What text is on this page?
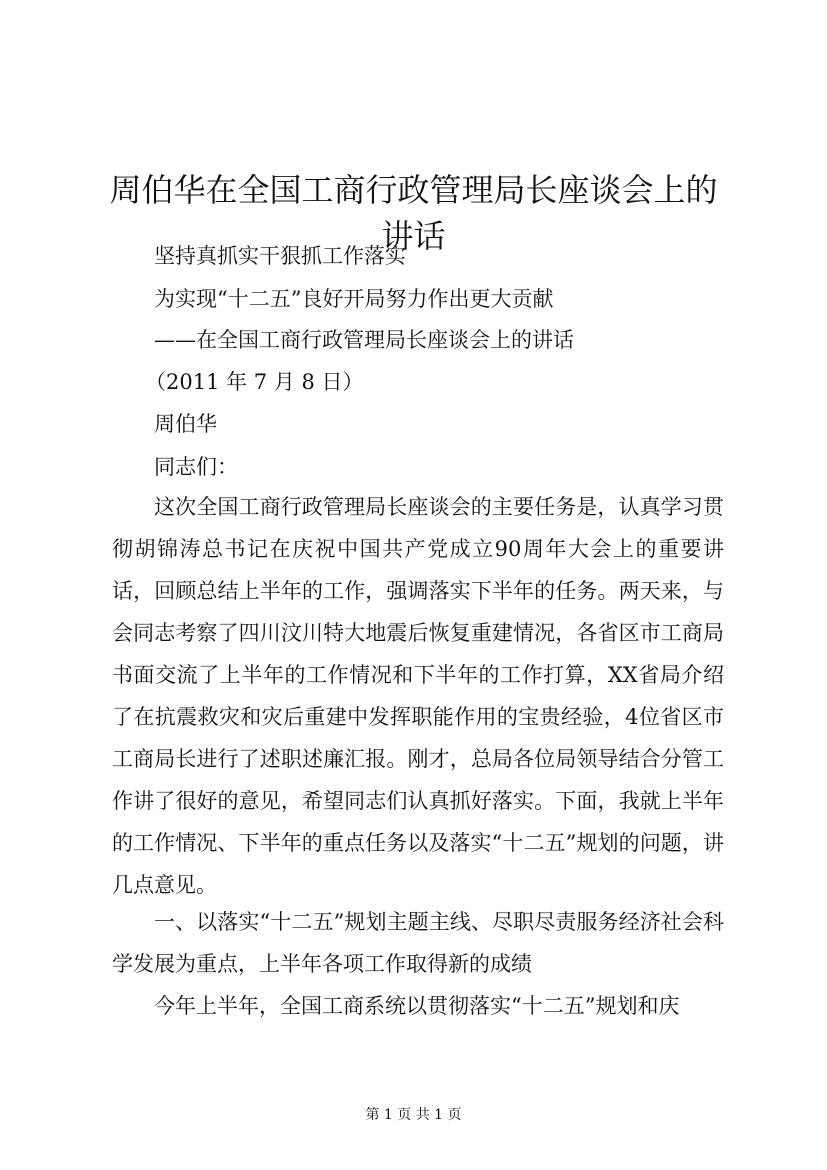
周伯华在全国工商行政管理局长座谈会上的讲话
坚持真抓实干狠抓工作落实
为实现“十二五”良好开局努力作出更大贡献
——在全国工商行政管理局长座谈会上的讲话
（2011 年 7 月 8 日）
周伯华
同志们：

这次全国工商行政管理局长座谈会的主要任务是，认真学习贯彻胡锦涛总书记在庆祝中国共产党成立90周年大会上的重要讲话，回顾总结上半年的工作，强调落实下半年的任务。两天来，与会同志考察了四川汶川特大地震后恢复重建情况，各省区市工商局书面交流了上半年的工作情况和下半年的工作打算，XX省局介绍了在抗震救灾和灾后重建中发挥职能作用的宝贵经验，4位省区市工商局长进行了述职述廉汇报。刚才，总局各位局领导结合分管工作讲了很好的意见，希望同志们认真抓好落实。下面，我就上半年的工作情况、下半年的重点任务以及落实“十二五”规划的问题，讲几点意见。

一、以落实“十二五”规划主题主线、尽职尽责服务经济社会科学发展为重点，上半年各项工作取得新的成绩

今年上半年，全国工商系统以贯彻落实“十二五”规划和庆

第 1 页 共 1 页
